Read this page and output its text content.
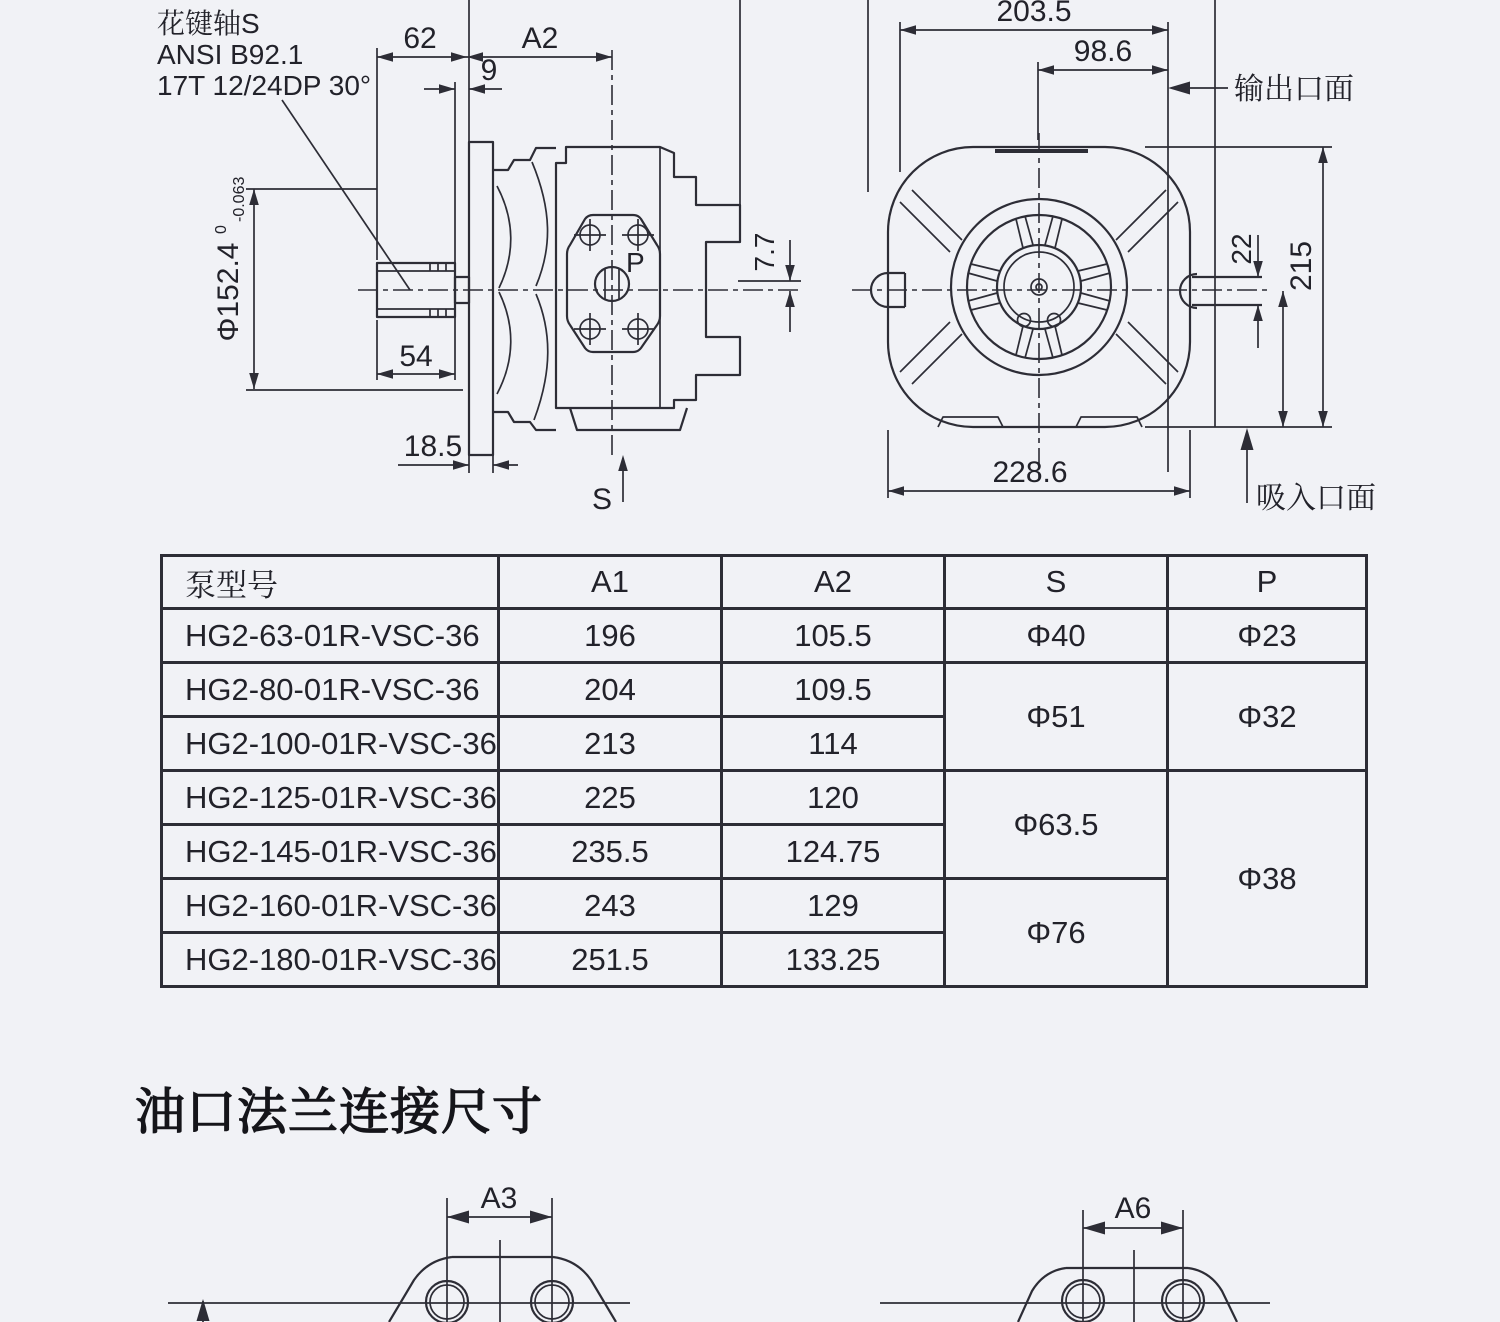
花键轴S
ANSI B92.1
17T 12/24DP 30°
62	A2
9
Φ152.4
0
-0.063
54
18.5
7.7
P
S
203.5
98.6
输出口面
22 215
228.6
吸入口面
泵型号	A1	A2	S	P
HG2-63-01R-VSC-36	196	105.5	Φ40	Φ23
HG2-80-01R-VSC-36	204	109.5	Φ51	Φ32
HG2-100-01R-VSC-36	213	114		
HG2-125-01R-VSC-36	225	120	Φ63.5	Φ38
HG2-145-01R-VSC-36	235.5	124.75		
HG2-160-01R-VSC-36	243	129	Φ76	
HG2-180-01R-VSC-36	251.5	133.25		
油口法兰连接尺寸
A3	A6
